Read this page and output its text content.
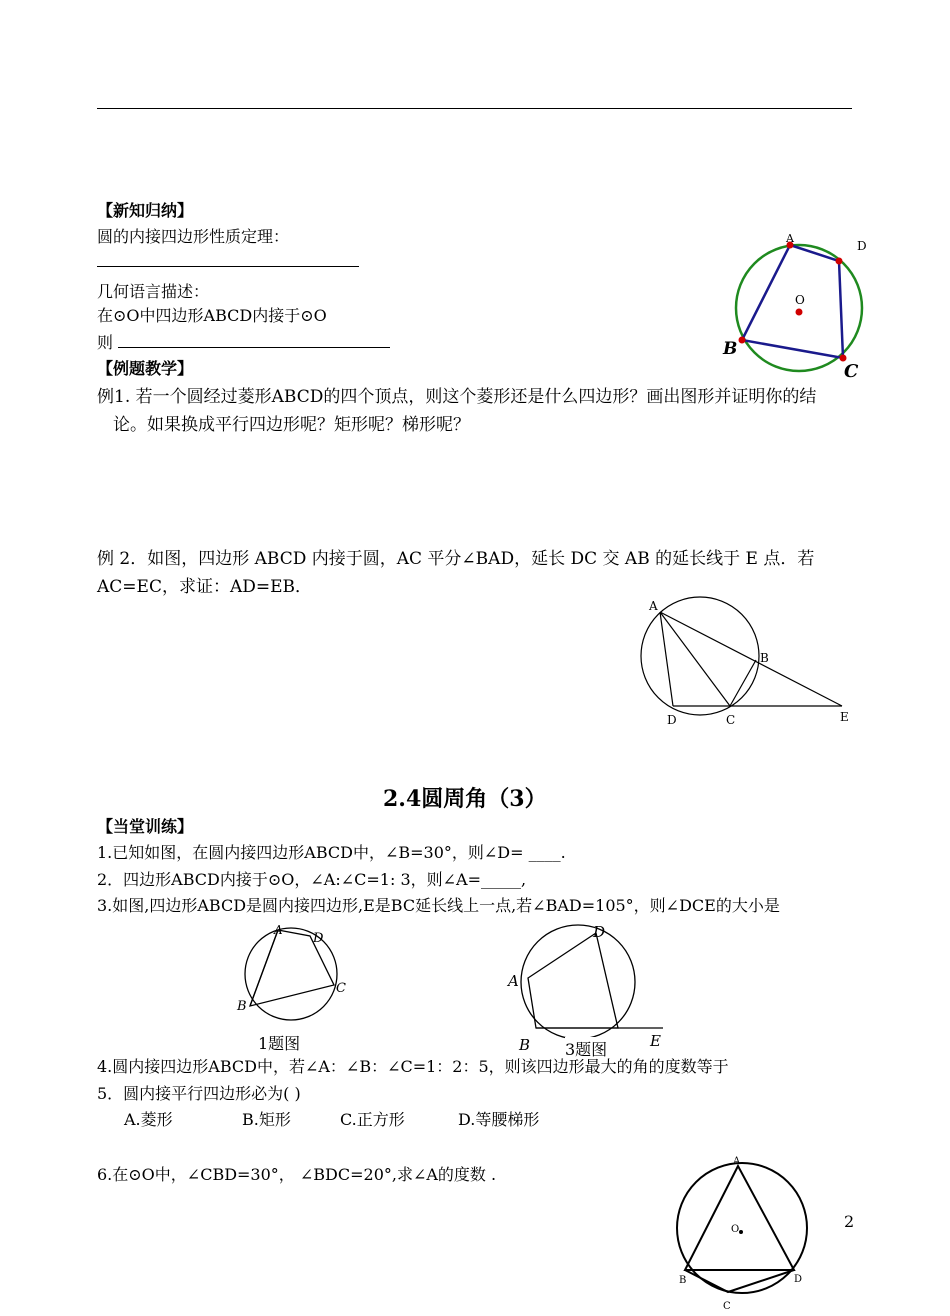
【新知归纳】
圆的内接四边形性质定理：
几何语言描述：
在⊙O中四边形ABCD内接于⊙O
则
A
D
O
B
C
【例题教学】
例1. 若一个圆经过菱形ABCD的四个顶点，则这个菱形还是什么四边形？画出图形并证明你的结
论。如果换成平行四边形呢？矩形呢？梯形呢？
例 2．如图，四边形 ABCD 内接于圆，AC 平分∠BAD，延长 DC 交 AB 的延长线于 E 点．若
AC=EC，求证：AD=EB．
A
B
D	C	E
2.4圆周角（3）
【当堂训练】
1.已知如图，在圆内接四边形ABCD中，∠B=30°，则∠D= ____.
2．四边形ABCD内接于⊙O，∠A:∠C=1: 3，则∠A=_____,
3.如图,四边形ABCD是圆内接四边形,E是BC延长线上一点,若∠BAD=105°，则∠DCE的大小是
A
D
C
B
1题图
D
A
B	E
3题图
4.圆内接四边形ABCD中，若∠A：∠B：∠C=1：2：5，则该四边形最大的角的度数等于
5．圆内接平行四边形必为( )
A.菱形	B.矩形	C.正方形	D.等腰梯形
6.在⊙O中，∠CBD=30°， ∠BDC=20°,求∠A的度数 .
A
O
B	D
C
2
